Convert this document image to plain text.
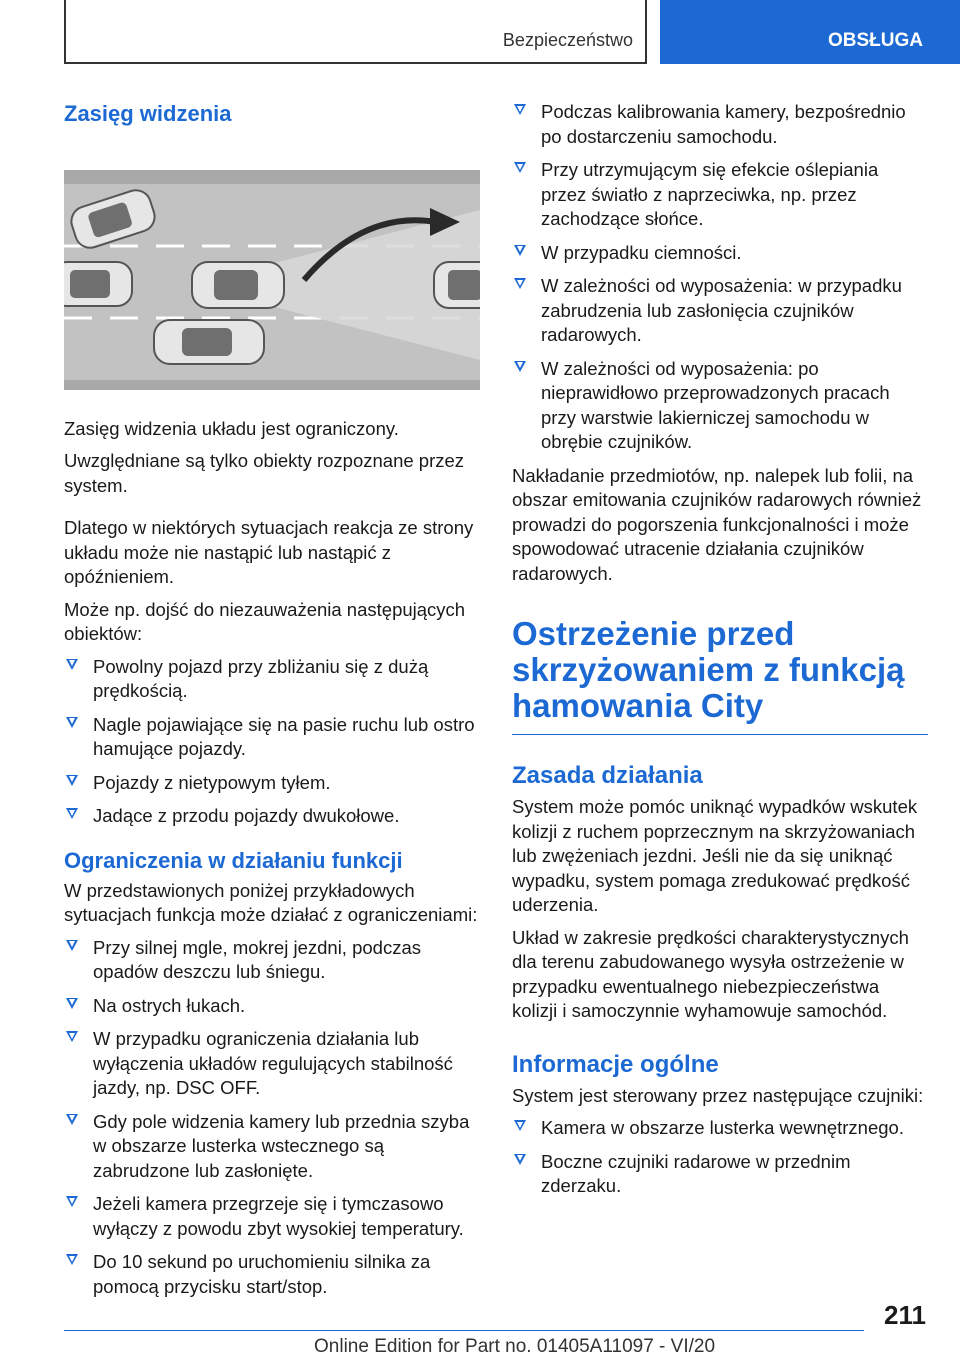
Bezpieczeństwo	OBSŁUGA
Zasięg widzenia

Zasięg widzenia układu jest ograniczony.

Uwzględniane są tylko obiekty rozpoznane przez system.

Dlatego w niektórych sytuacjach reakcja ze strony układu może nie nastąpić lub nastąpić z opóźnieniem.

Może np. dojść do niezauważenia następujących obiektów:

Powolny pojazd przy zbliżaniu się z dużą prędkością.
Nagle pojawiające się na pasie ruchu lub ostro hamujące pojazdy.
Pojazdy z nietypowym tyłem.
Jadące z przodu pojazdy dwukołowe.
Ograniczenia w działaniu funkcji

W przedstawionych poniżej przykładowych sytuacjach funkcja może działać z ograniczeniami:

Przy silnej mgle, mokrej jezdni, podczas opadów deszczu lub śniegu.
Na ostrych łukach.
W przypadku ograniczenia działania lub wyłączenia układów regulujących stabilność jazdy, np. DSC OFF.
Gdy pole widzenia kamery lub przednia szyba w obszarze lusterka wstecznego są zabrudzone lub zasłonięte.
Jeżeli kamera przegrzeje się i tymczasowo wyłączy z powodu zbyt wysokiej temperatury.
Do 10 sekund po uruchomieniu silnika za pomocą przycisku start/stop.
Podczas kalibrowania kamery, bezpośrednio po dostarczeniu samochodu.
Przy utrzymującym się efekcie oślepiania przez światło z naprzeciwka, np. przez zachodzące słońce.
W przypadku ciemności.
W zależności od wyposażenia: w przypadku zabrudzenia lub zasłonięcia czujników radarowych.
W zależności od wyposażenia: po nieprawidłowo przeprowadzonych pracach przy warstwie lakierniczej samochodu w obrębie czujników.

Nakładanie przedmiotów, np. nalepek lub folii, na obszar emitowania czujników radarowych również prowadzi do pogorszenia funkcjonalności i może spowodować utracenie działania czujników radarowych.

Ostrzeżenie przed skrzyżowaniem z funkcją hamowania City
Zasada działania

System może pomóc uniknąć wypadków wskutek kolizji z ruchem poprzecznym na skrzyżowaniach lub zwężeniach jezdni. Jeśli nie da się uniknąć wypadku, system pomaga zredukować prędkość uderzenia.

Układ w zakresie prędkości charakterystycznych dla terenu zabudowanego wysyła ostrzeżenie w przypadku ewentualnego niebezpieczeństwa kolizji i samoczynnie wyhamowuje samochód.

Informacje ogólne

System jest sterowany przez następujące czujniki:

Kamera w obszarze lusterka wewnętrznego.
Boczne czujniki radarowe w przednim zderzaku.
211
Online Edition for Part no. 01405A11097 - VI/20
